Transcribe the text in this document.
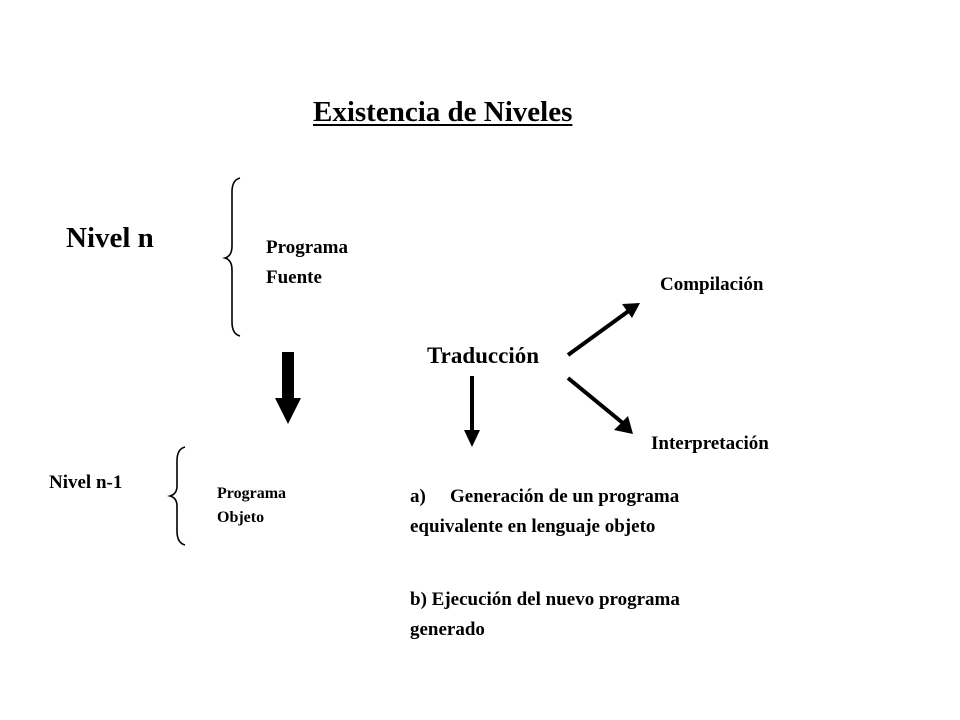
Existencia de Niveles
Nivel n	Programa
Fuente
Nivel n-1
Programa
Objeto
Compilación
Traducción
Interpretación
a) Generación de un programa
equivalente en lenguaje objeto
b) Ejecución del nuevo programa
generado
